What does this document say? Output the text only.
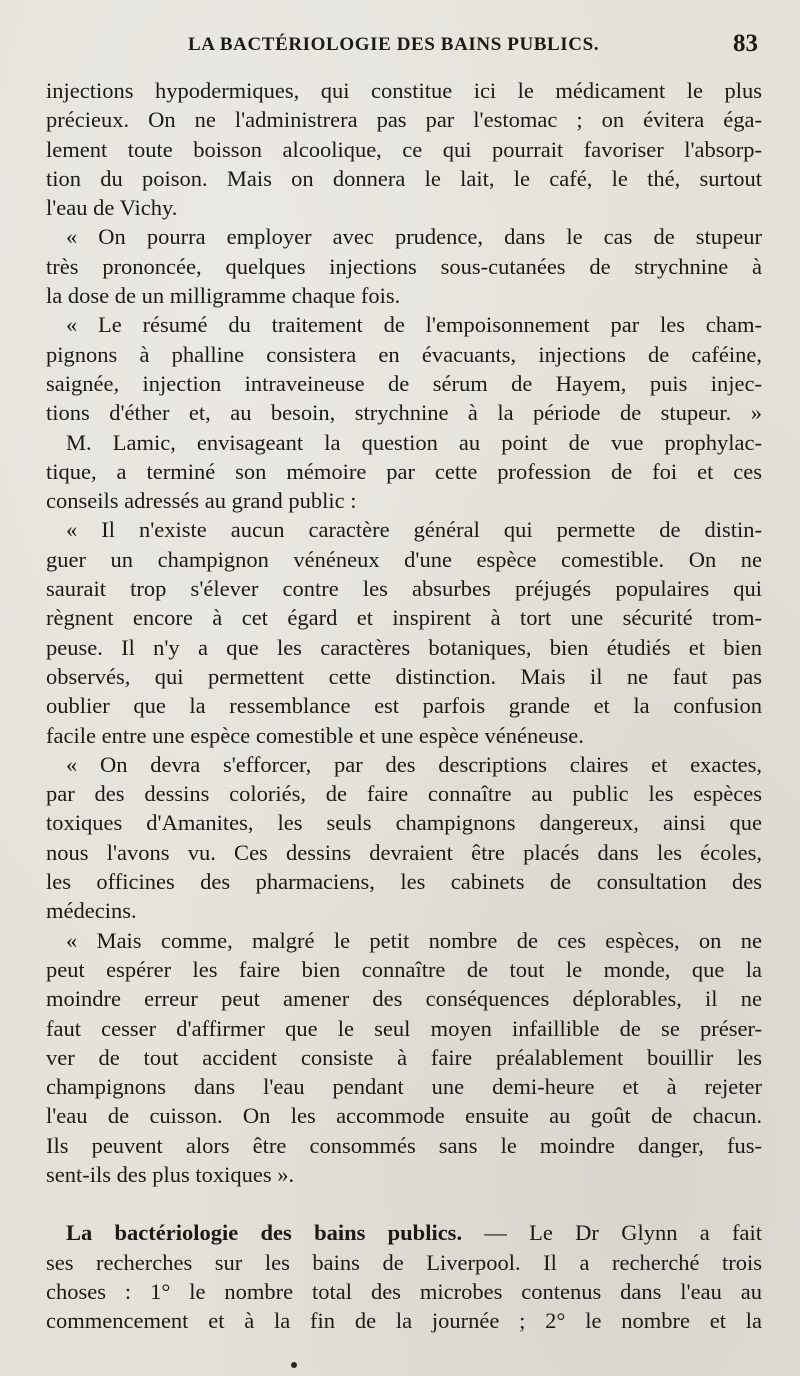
LA BACTÉRIOLOGIE DES BAINS PUBLICS.	83
injections hypodermiques, qui constitue ici le médicament le plus
précieux. On ne l'administrera pas par l'estomac ; on évitera éga-
lement toute boisson alcoolique, ce qui pourrait favoriser l'absorp-
tion du poison. Mais on donnera le lait, le café, le thé, surtout
l'eau de Vichy.
« On pourra employer avec prudence, dans le cas de stupeur
très prononcée, quelques injections sous-cutanées de strychnine à
la dose de un milligramme chaque fois.
« Le résumé du traitement de l'empoisonnement par les cham-
pignons à phalline consistera en évacuants, injections de caféine,
saignée, injection intraveineuse de sérum de Hayem, puis injec-
tions d'éther et, au besoin, strychnine à la période de stupeur. »
M. Lamic, envisageant la question au point de vue prophylac-
tique, a terminé son mémoire par cette profession de foi et ces
conseils adressés au grand public :
« Il n'existe aucun caractère général qui permette de distin-
guer un champignon vénéneux d'une espèce comestible. On ne
saurait trop s'élever contre les absurbes préjugés populaires qui
règnent encore à cet égard et inspirent à tort une sécurité trom-
peuse. Il n'y a que les caractères botaniques, bien étudiés et bien
observés, qui permettent cette distinction. Mais il ne faut pas
oublier que la ressemblance est parfois grande et la confusion
facile entre une espèce comestible et une espèce vénéneuse.
« On devra s'efforcer, par des descriptions claires et exactes,
par des dessins coloriés, de faire connaître au public les espèces
toxiques d'Amanites, les seuls champignons dangereux, ainsi que
nous l'avons vu. Ces dessins devraient être placés dans les écoles,
les officines des pharmaciens, les cabinets de consultation des
médecins.
« Mais comme, malgré le petit nombre de ces espèces, on ne
peut espérer les faire bien connaître de tout le monde, que la
moindre erreur peut amener des conséquences déplorables, il ne
faut cesser d'affirmer que le seul moyen infaillible de se préser-
ver de tout accident consiste à faire préalablement bouillir les
champignons dans l'eau pendant une demi-heure et à rejeter
l'eau de cuisson. On les accommode ensuite au goût de chacun.
Ils peuvent alors être consommés sans le moindre danger, fus-
sent-ils des plus toxiques ».
La bactériologie des bains publics. — Le Dr Glynn a fait
ses recherches sur les bains de Liverpool. Il a recherché trois
choses : 1° le nombre total des microbes contenus dans l'eau au
commencement et à la fin de la journée ; 2° le nombre et la
